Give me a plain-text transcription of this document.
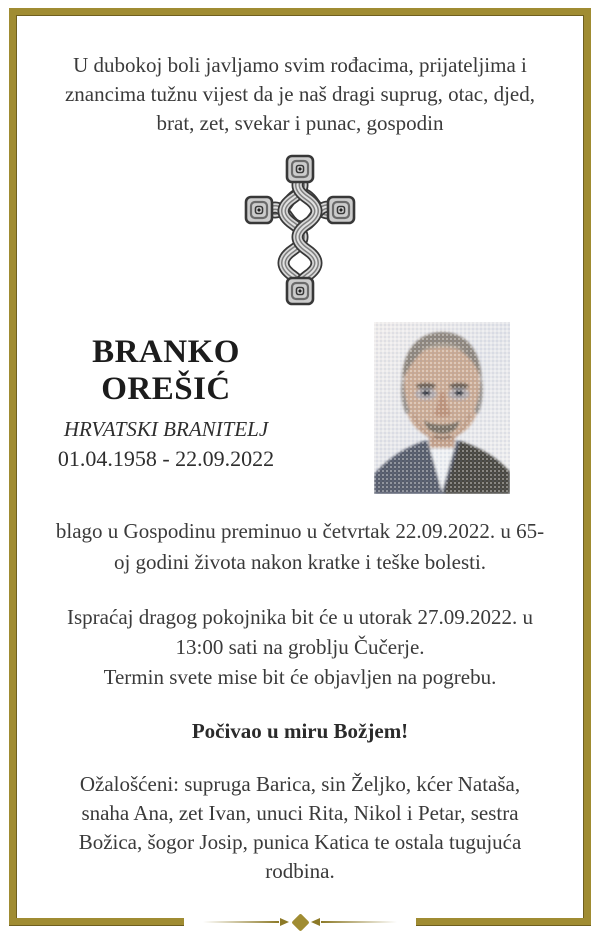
U dubokoj boli javljamo svim rođacima, prijateljima i
znancima tužnu vijest da je naš dragi suprug, otac, djed,
brat, zet, svekar i punac, gospodin

BRANKO
OREŠIĆ
HRVATSKI BRANITELJ
01.04.1958 - 22.09.2022

blago u Gospodinu preminuo u četvrtak 22.09.2022. u 65-
oj godini života nakon kratke i teške bolesti.

Ispraćaj dragog pokojnika bit će u utorak 27.09.2022. u
13:00 sati na groblju Čučerje.
Termin svete mise bit će objavljen na pogrebu.

Počivao u miru Božjem!

Ožalošćeni: supruga Barica, sin Željko, kćer Nataša,
snaha Ana, zet Ivan, unuci Rita, Nikol i Petar, sestra
Božica, šogor Josip, punica Katica te ostala tugujuća
rodbina.
